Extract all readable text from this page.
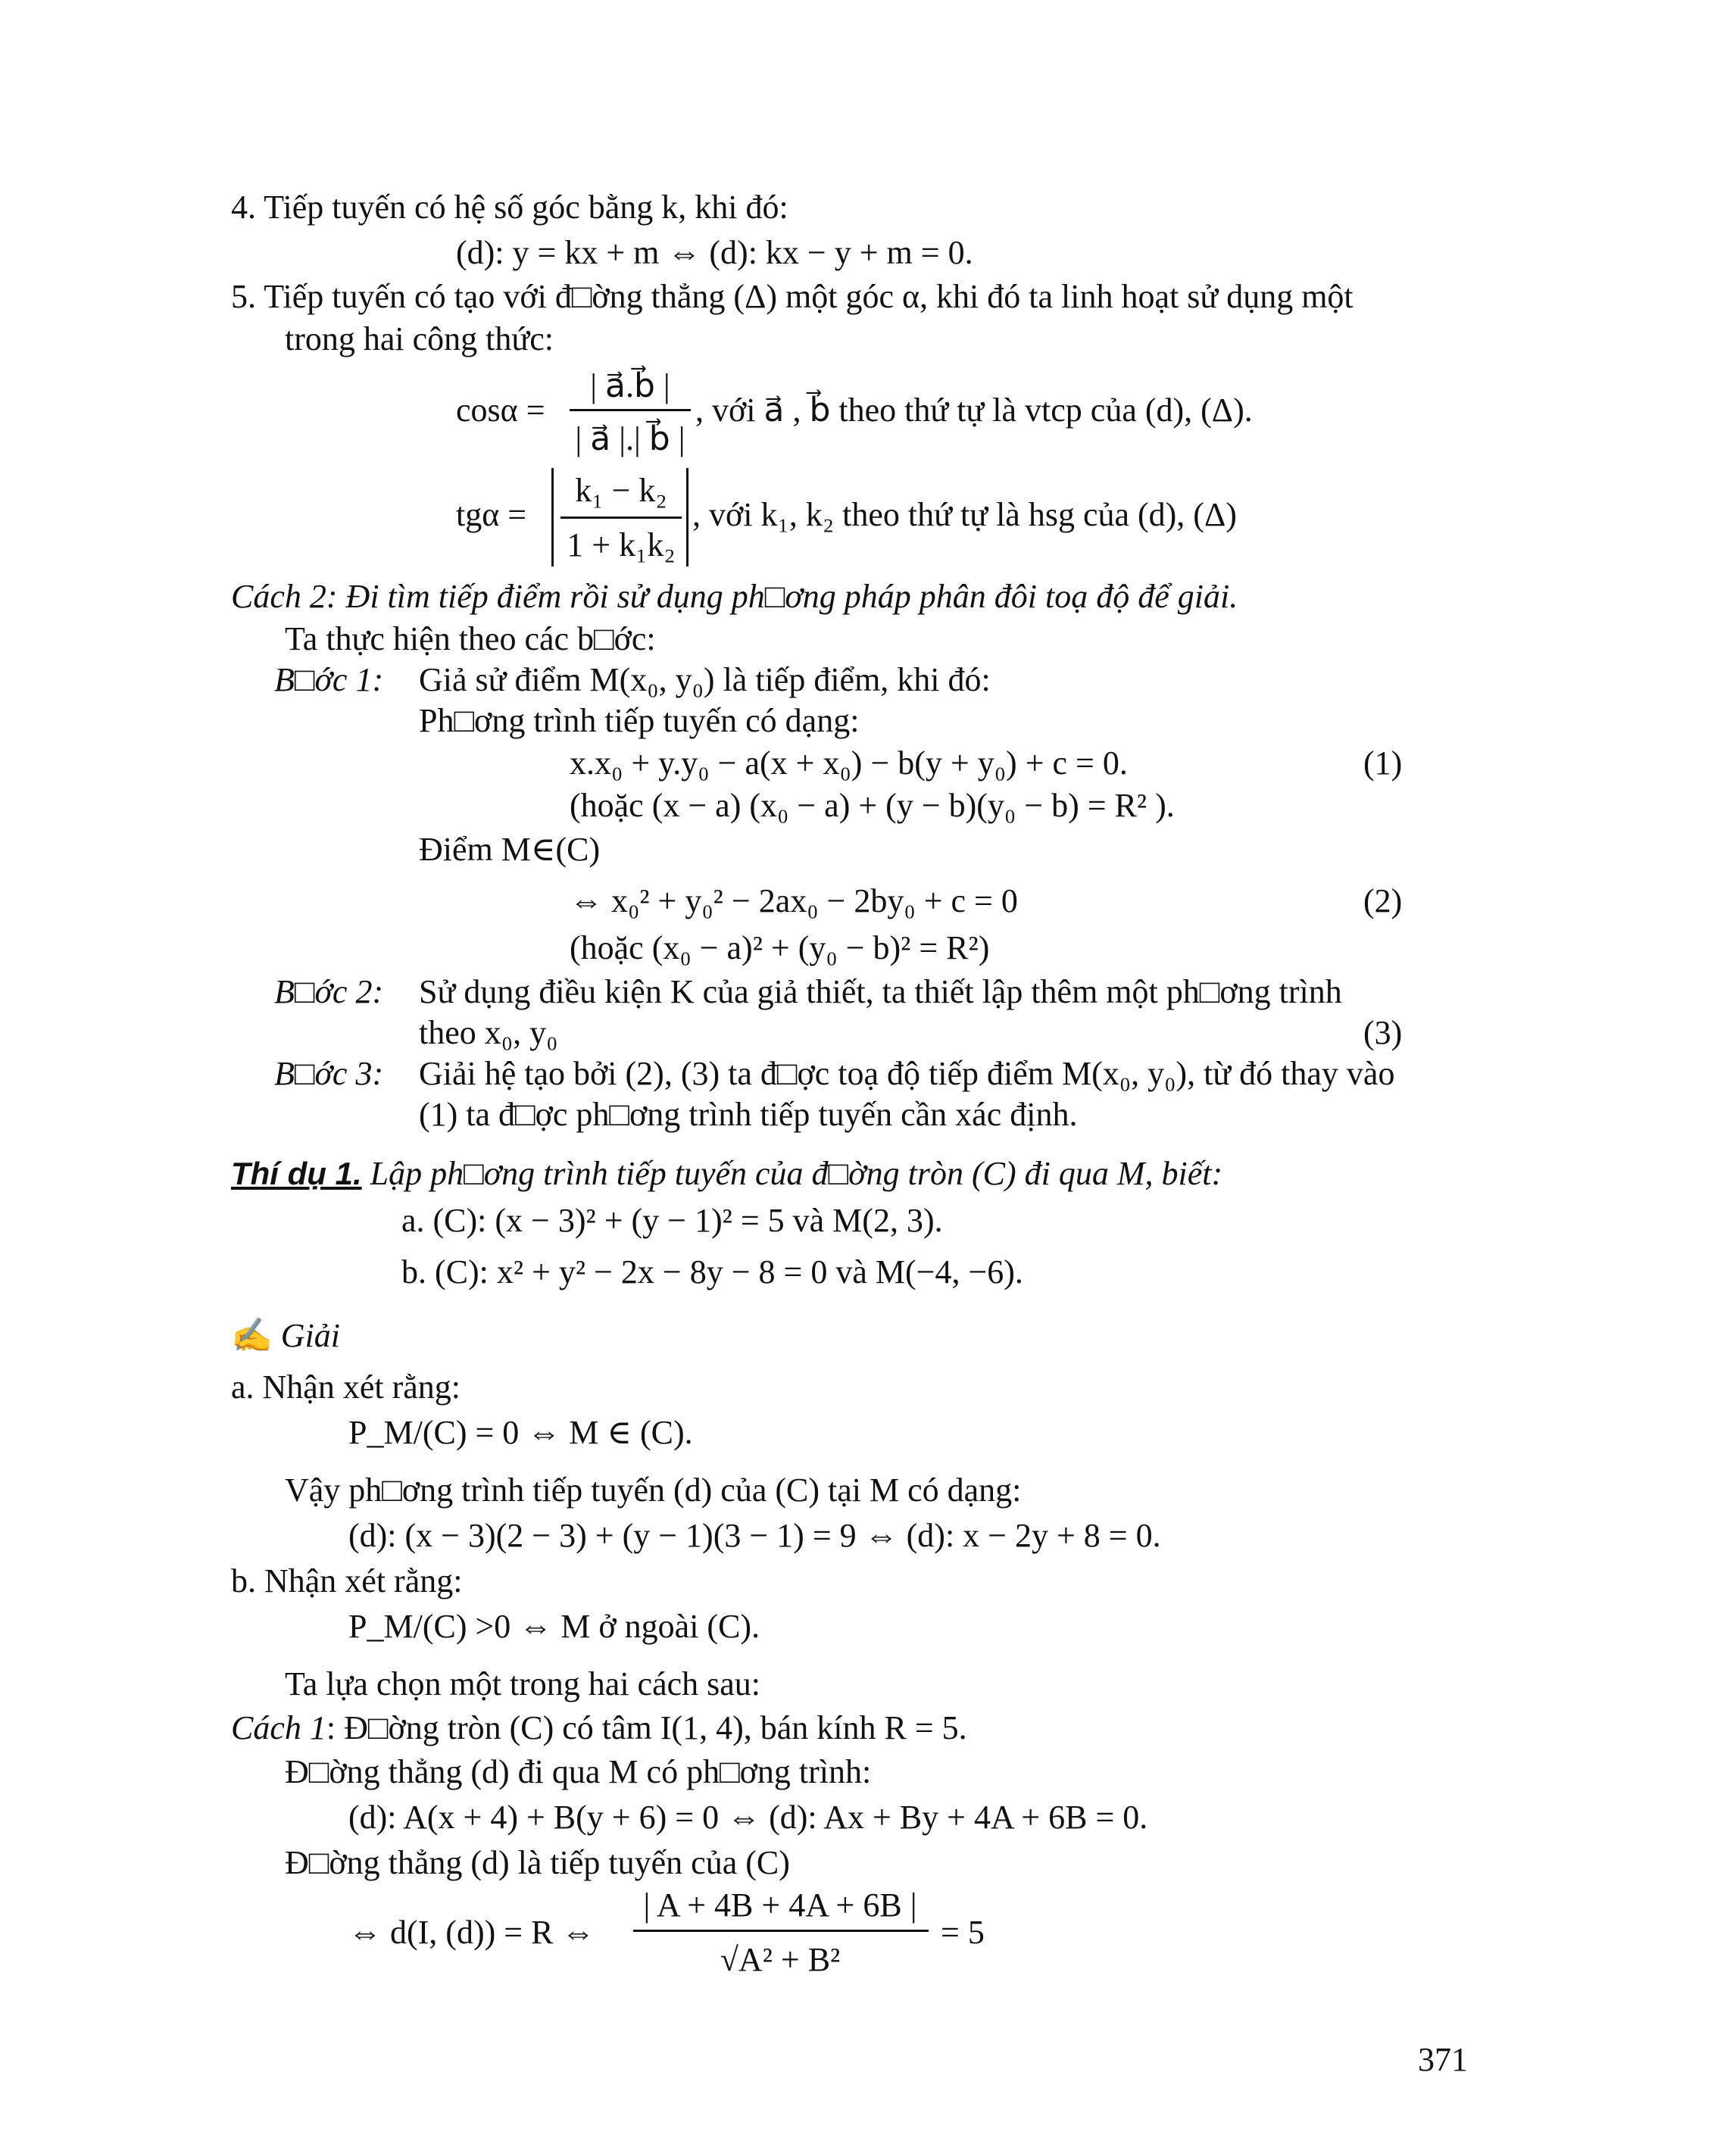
4. Tiếp tuyến có hệ số góc bằng k, khi đó:
(d): y = kx + m ⇔ (d): kx − y + m = 0.
5. Tiếp tuyến có tạo với đ□ờng thẳng (Δ) một góc α, khi đó ta linh hoạt sử dụng một
trong hai công thức:
cosα =
| a⃗.b⃗ |
| a⃗ |.| b⃗ |
, với a⃗ , b⃗ theo thứ tự là vtcp của (d), (Δ).
tgα =
k₁ − k₂
1 + k₁k₂
, với k₁, k₂ theo thứ tự là hsg của (d), (Δ)
Cách 2: Đi tìm tiếp điểm rồi sử dụng ph□ơng pháp phân đôi toạ độ để giải.
Ta thực hiện theo các b□ớc:
B□ớc 1: Giả sử điểm M(x₀, y₀) là tiếp điểm, khi đó:
Ph□ơng trình tiếp tuyến có dạng:
x.x₀ + y.y₀ − a(x + x₀) − b(y + y₀) + c = 0.	(1)
(hoặc (x − a) (x₀ − a) + (y − b)(y₀ − b) = R² ).
Điểm M∈(C)
⇔ x₀² + y₀² − 2ax₀ − 2by₀ + c = 0	(2)
(hoặc (x₀ − a)² + (y₀ − b)² = R²)
B□ớc 2: Sử dụng điều kiện K của giả thiết, ta thiết lập thêm một ph□ơng trình
theo x₀, y₀	(3)
B□ớc 3: Giải hệ tạo bởi (2), (3) ta đ□ợc toạ độ tiếp điểm M(x₀, y₀), từ đó thay vào
(1) ta đ□ợc ph□ơng trình tiếp tuyến cần xác định.
Thí dụ 1. Lập ph□ơng trình tiếp tuyến của đ□ờng tròn (C) đi qua M, biết:
a. (C): (x − 3)² + (y − 1)² = 5 và M(2, 3).
b. (C): x² + y² − 2x − 8y − 8 = 0 và M(−4, −6).
✍ Giải
a. Nhận xét rằng:
P_M/(C) = 0 ⇔ M ∈ (C).
Vậy ph□ơng trình tiếp tuyến (d) của (C) tại M có dạng:
(d): (x − 3)(2 − 3) + (y − 1)(3 − 1) = 9 ⇔ (d): x − 2y + 8 = 0.
b. Nhận xét rằng:
P_M/(C) >0 ⇔ M ở ngoài (C).
Ta lựa chọn một trong hai cách sau:
Cách 1: Đ□ờng tròn (C) có tâm I(1, 4), bán kính R = 5.
Đ□ờng thẳng (d) đi qua M có ph□ơng trình:
(d): A(x + 4) + B(y + 6) = 0 ⇔ (d): Ax + By + 4A + 6B = 0.
Đ□ờng thẳng (d) là tiếp tuyến của (C)
⇔ d(I, (d)) = R ⇔
| A + 4B + 4A + 6B |
√A² + B²
= 5
371
